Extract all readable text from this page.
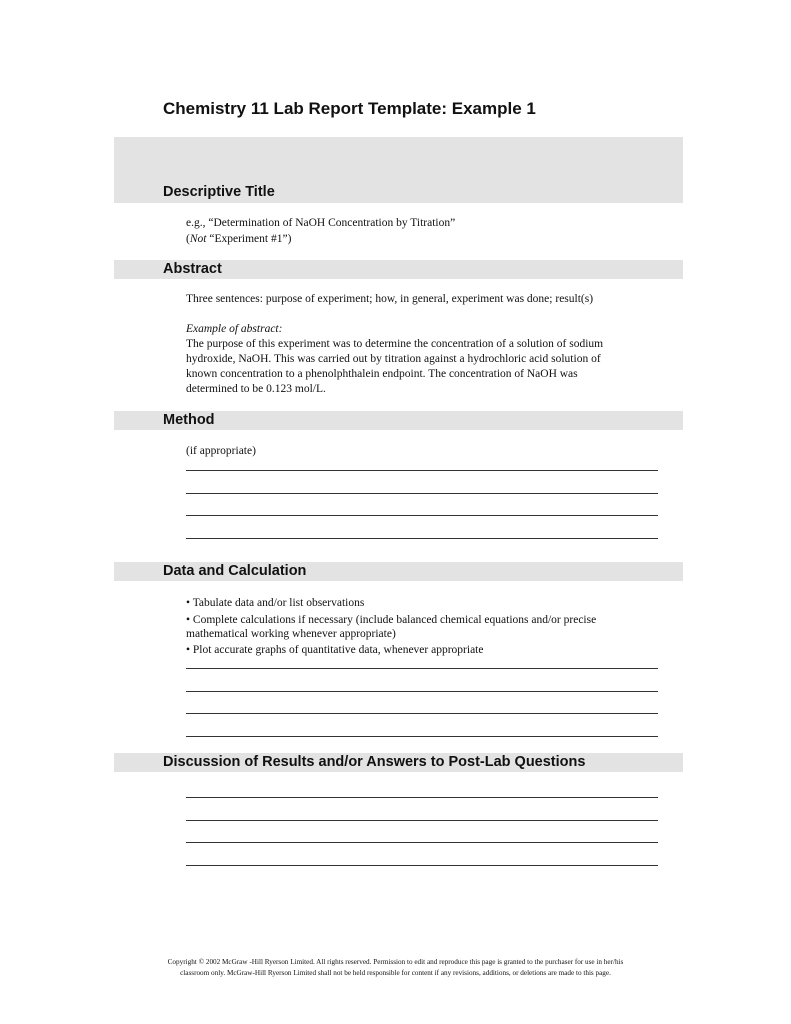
Chemistry 11 Lab Report Template: Example 1
Descriptive Title
e.g., “Determination of NaOH Concentration by Titration”
(Not “Experiment #1”)
Abstract
Three sentences: purpose of experiment; how, in general, experiment was done; result(s)
Example of abstract:
The purpose of this experiment was to determine the concentration of a solution of sodium
hydroxide, NaOH. This was carried out by titration against a hydrochloric acid solution of
known concentration to a phenolphthalein endpoint. The concentration of NaOH was
determined to be 0.123 mol/L.
Method
(if appropriate)
Data and Calculation
• Tabulate data and/or list observations
• Complete calculations if necessary (include balanced chemical equations and/or precise
mathematical working whenever appropriate)
• Plot accurate graphs of quantitative data, whenever appropriate
Discussion of Results and/or Answers to Post-Lab Questions
Copyright © 2002 McGraw -Hill Ryerson Limited. All rights reserved. Permission to edit and reproduce this page is granted to the purchaser for use in her/his
classroom only. McGraw-Hill Ryerson Limited shall not be held responsible for content if any revisions, additions, or deletions are made to this page.
